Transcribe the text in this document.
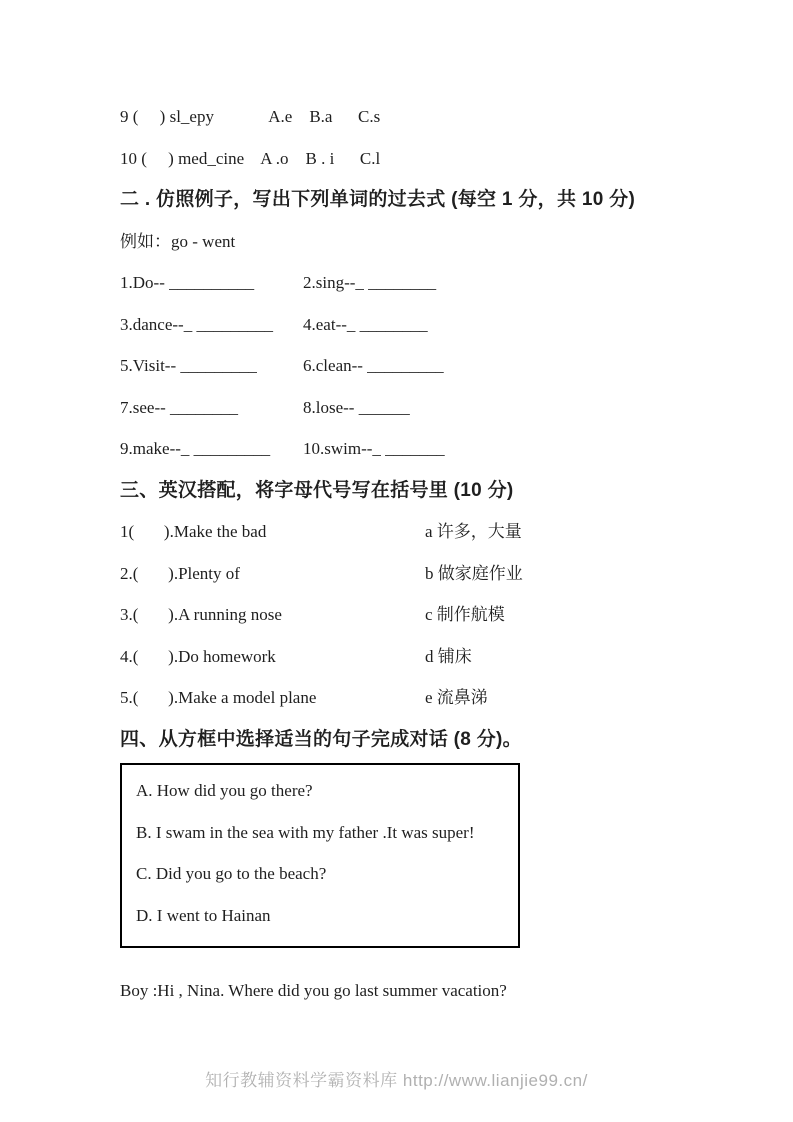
9 (     ) sl_epy             A.e    B.a      C.s
10 (     ) med_cine    A .o    B . i      C.l
二 . 仿照例子，写出下列单词的过去式 (每空 1 分，共 10 分)
例如：go - went
1.Do-- __________	2.sing--_ ________
3.dance--_ _________	4.eat--_ ________
5.Visit-- _________	6.clean-- _________
7.see-- ________	8.lose-- ______
9.make--_ _________	10.swim--_ _______
三、英汉搭配，将字母代号写在括号里 (10 分)
1(       ).Make the bad	a 许多，大量
2.(       ).Plenty of	b 做家庭作业
3.(       ).A running nose	c 制作航模
4.(       ).Do homework	d 铺床
5.(       ).Make a model plane	e 流鼻涕
四、从方框中选择适当的句子完成对话 (8 分)。
A. How did you go there?
B. I swam in the sea with my father .It was super!
C. Did you go to the beach?
D. I went to Hainan
Boy :Hi , Nina. Where did you go last summer vacation?
知行教辅资料学霸资料库 http://www.lianjie99.cn/
